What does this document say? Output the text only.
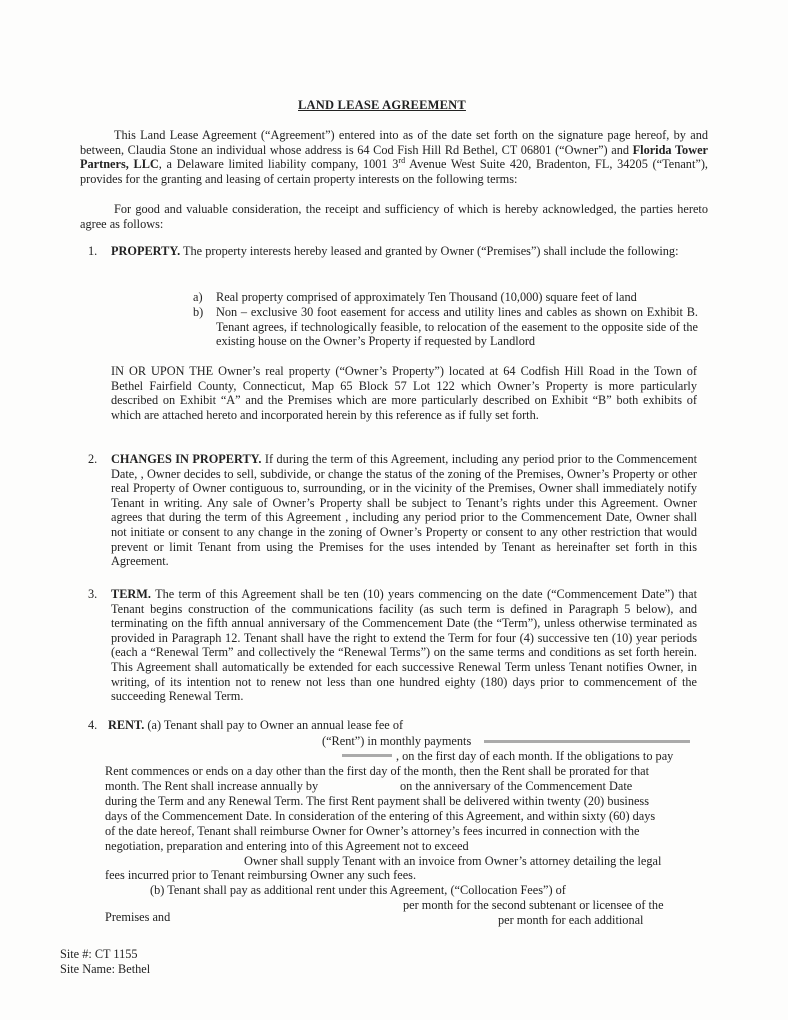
LAND LEASE AGREEMENT
This Land Lease Agreement (“Agreement”) entered into as of the date set forth on the signature page hereof, by and between, Claudia Stone an individual whose address is 64 Cod Fish Hill Rd Bethel, CT 06801 (“Owner”) and Florida Tower Partners, LLC, a Delaware limited liability company, 1001 3rd Avenue West Suite 420, Bradenton, FL, 34205 (“Tenant”), provides for the granting and leasing of certain property interests on the following terms:
For good and valuable consideration, the receipt and sufficiency of which is hereby acknowledged, the parties hereto agree as follows:
1. PROPERTY. The property interests hereby leased and granted by Owner (“Premises”) shall include the following:
a) Real property comprised of approximately Ten Thousand (10,000) square feet of land
b) Non – exclusive 30 foot easement for access and utility lines and cables as shown on Exhibit B. Tenant agrees, if technologically feasible, to relocation of the easement to the opposite side of the existing house on the Owner’s Property if requested by Landlord
IN OR UPON THE Owner’s real property (“Owner’s Property”) located at 64 Codfish Hill Road in the Town of Bethel Fairfield County, Connecticut, Map 65 Block 57 Lot 122 which Owner’s Property is more particularly described on Exhibit “A” and the Premises which are more particularly described on Exhibit “B” both exhibits of which are attached hereto and incorporated herein by this reference as if fully set forth.
2. CHANGES IN PROPERTY. If during the term of this Agreement, including any period prior to the Commencement Date, , Owner decides to sell, subdivide, or change the status of the zoning of the Premises, Owner’s Property or other real Property of Owner contiguous to, surrounding, or in the vicinity of the Premises, Owner shall immediately notify Tenant in writing. Any sale of Owner’s Property shall be subject to Tenant’s rights under this Agreement. Owner agrees that during the term of this Agreement , including any period prior to the Commencement Date, Owner shall not initiate or consent to any change in the zoning of Owner’s Property or consent to any other restriction that would prevent or limit Tenant from using the Premises for the uses intended by Tenant as hereinafter set forth in this Agreement.
3. TERM. The term of this Agreement shall be ten (10) years commencing on the date (“Commencement Date”) that Tenant begins construction of the communications facility (as such term is defined in Paragraph 5 below), and terminating on the fifth annual anniversary of the Commencement Date (the “Term”), unless otherwise terminated as provided in Paragraph 12. Tenant shall have the right to extend the Term for four (4) successive ten (10) year periods (each a “Renewal Term” and collectively the “Renewal Terms”) on the same terms and conditions as set forth herein. This Agreement shall automatically be extended for each successive Renewal Term unless Tenant notifies Owner, in writing, of its intention not to renew not less than one hundred eighty (180) days prior to commencement of the succeeding Renewal Term.
4. RENT. (a) Tenant shall pay to Owner an annual lease fee of
(“Rent”) in monthly payments
, on the first day of each month. If the obligations to pay
Rent commences or ends on a day other than the first day of the month, then the Rent shall be prorated for that
month. The Rent shall increase annually by	on the anniversary of the Commencement Date
during the Term and any Renewal Term. The first Rent payment shall be delivered within twenty (20) business
days of the Commencement Date. In consideration of the entering of this Agreement, and within sixty (60) days
of the date hereof, Tenant shall reimburse Owner for Owner’s attorney’s fees incurred in connection with the
negotiation, preparation and entering into of this Agreement not to exceed
Owner shall supply Tenant with an invoice from Owner’s attorney detailing the legal
fees incurred prior to Tenant reimbursing Owner any such fees.
(b) Tenant shall pay as additional rent under this Agreement, (“Collocation Fees”) of
per month for the second subtenant or licensee of the
Premises and	per month for each additional
Site #: CT 1155
Site Name: Bethel
